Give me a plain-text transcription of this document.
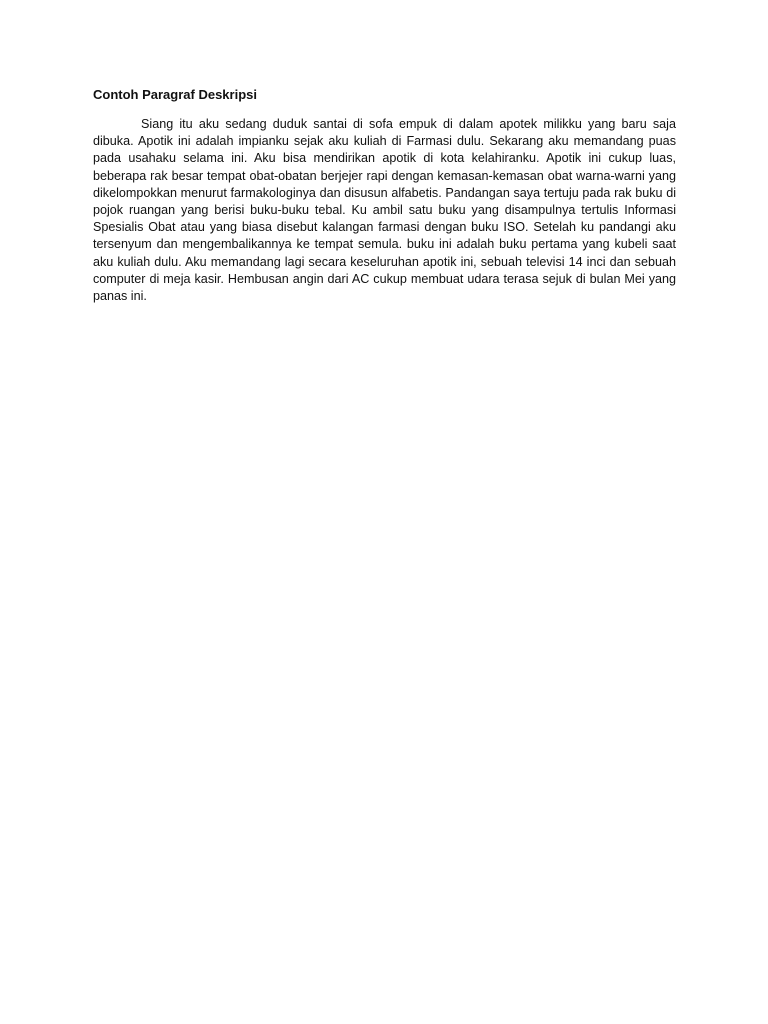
Contoh Paragraf Deskripsi

Siang itu aku sedang duduk santai di sofa empuk di dalam apotek milikku yang baru saja dibuka. Apotik ini adalah impianku sejak aku kuliah di Farmasi dulu. Sekarang aku memandang puas pada usahaku selama ini. Aku bisa mendirikan apotik di kota kelahiranku. Apotik ini cukup luas, beberapa rak besar tempat obat-obatan berjejer rapi dengan kemasan-kemasan obat warna-warni yang dikelompokkan menurut farmakologinya dan disusun alfabetis. Pandangan saya tertuju pada rak buku di pojok ruangan yang berisi buku-buku tebal. Ku ambil satu buku yang disampulnya tertulis Informasi Spesialis Obat atau yang biasa disebut kalangan farmasi dengan buku ISO. Setelah ku pandangi aku tersenyum dan mengembalikannya ke tempat semula. buku ini adalah buku pertama yang kubeli saat aku kuliah dulu. Aku memandang lagi secara keseluruhan apotik ini, sebuah televisi 14 inci dan sebuah computer di meja kasir. Hembusan angin dari AC cukup membuat udara terasa sejuk di bulan Mei yang panas ini.
